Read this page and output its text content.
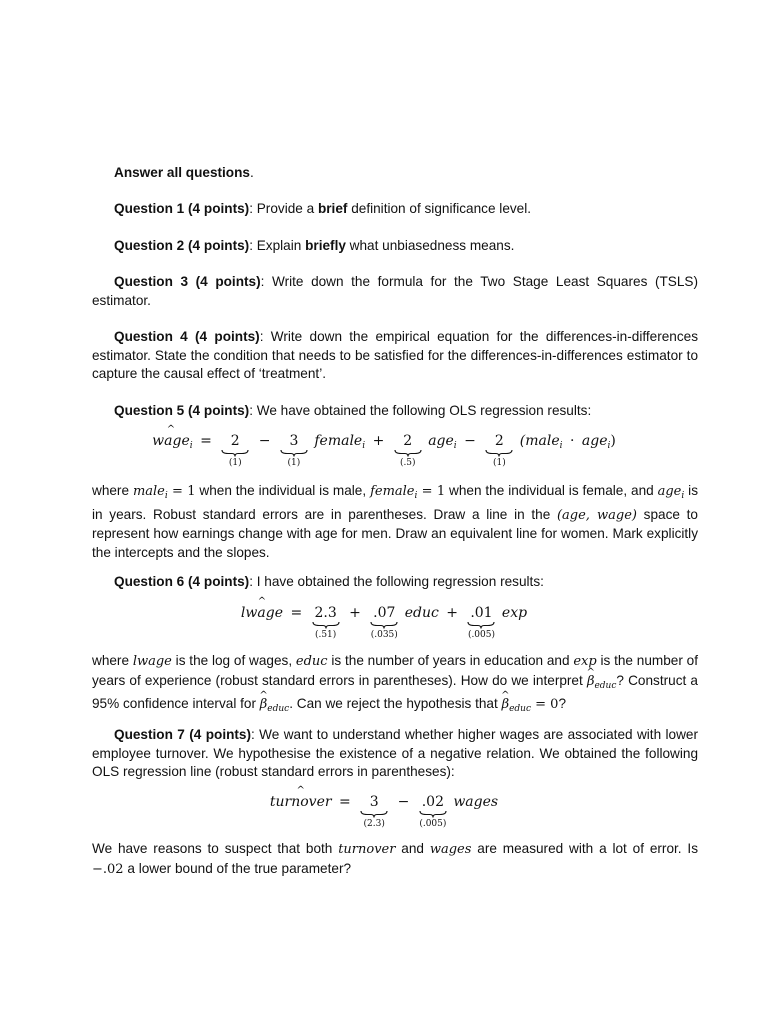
Answer all questions.
Question 1 (4 points): Provide a brief definition of significance level.
Question 2 (4 points): Explain briefly what unbiasedness means.
Question 3 (4 points): Write down the formula for the Two Stage Least Squares (TSLS) estimator.
Question 4 (4 points): Write down the empirical equation for the differences-in-differences estimator. State the condition that needs to be satisfied for the differences-in-differences estimator to capture the causal effect of ‘treatment’.
Question 5 (4 points): We have obtained the following OLS regression results:
^ wage$_i$ = 2
(1)
− 3
(1)
female$_i$ + 2
(.5)
age$_i$ − 2
(1)
(male$_i$ · age$_i$)
where male$_i$ = 1 when the individual is male, female$_i$ = 1 when the individual is female, and age$_i$ is in years. Robust standard errors are in parentheses. Draw a line in the (age, wage) space to represent how earnings change with age for men. Draw an equivalent line for women. Mark explicitly the intercepts and the slopes.
Question 6 (4 points): I have obtained the following regression results:
^ lwage = 2.3
(.51)
+ .07
(.035)
educ + .01
(.005)
exp
where lwage is the log of wages, educ is the number of years in education and exp is the number of years of experience (robust standard errors in parentheses). How do we interpret ^ $\beta_{educ}$? Construct a 95% confidence interval for ^ $\beta_{educ}$. Can we reject the hypothesis that ^ $\beta_{educ} = 0$?
Question 7 (4 points): We want to understand whether higher wages are associated with lower employee turnover. We hypothesise the existence of a negative relation. We obtained the following OLS regression line (robust standard errors in parentheses):
^ turnover = 3
(2.3)
− .02
(.005)
wages
We have reasons to suspect that both turnover and wages are measured with a lot of error. Is −.02 a lower bound of the true parameter?
